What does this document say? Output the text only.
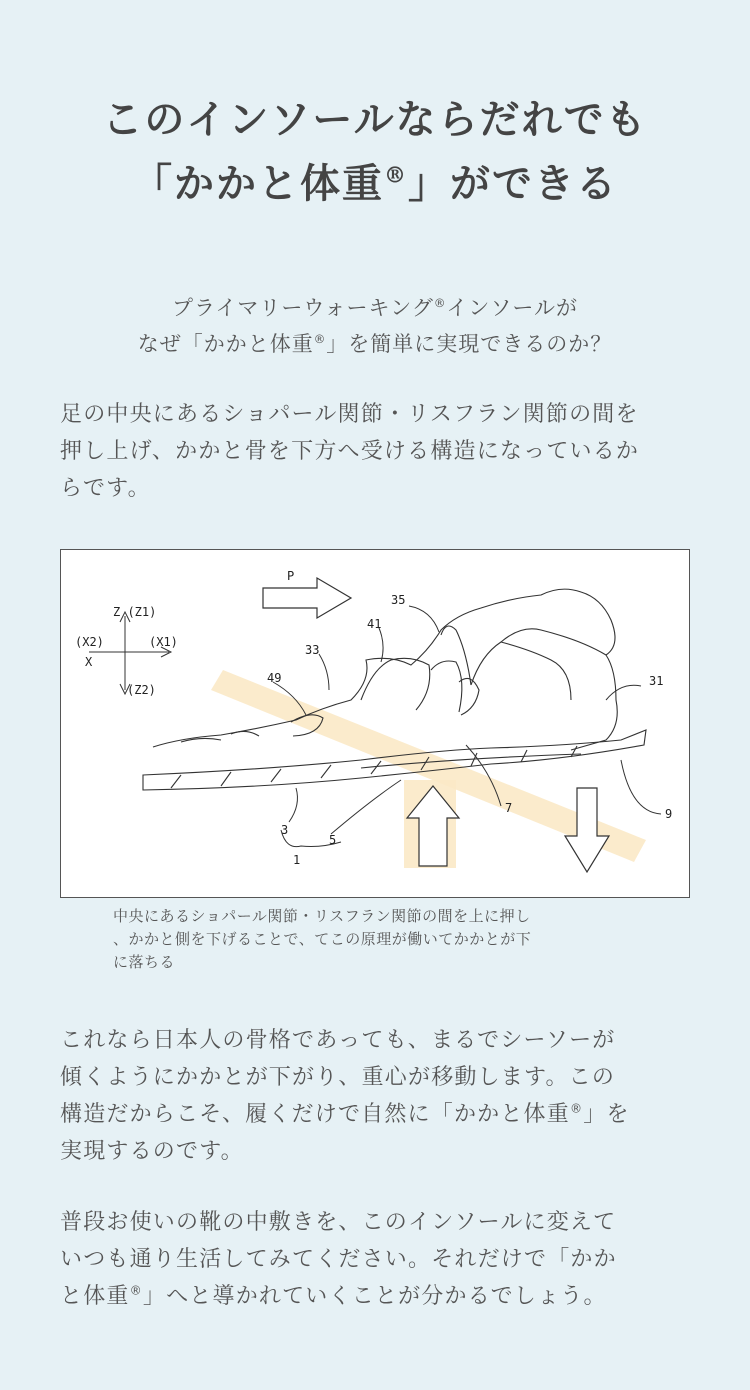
このインソールならだれでも
「かかと体重®」ができる
プライマリーウォーキング®インソールが
なぜ「かかと体重®」を簡単に実現できるのか？
足の中央にあるショパール関節・リスフラン関節の間を
押し上げ、かかと骨を下方へ受ける構造になっているか
らです。
Z (Z1)
(X2)	(X1)
X
(Z2)
P
35
41
33
49	31
7	9
3
5
1
中央にあるショパール関節・リスフラン関節の間を上に押し
、かかと側を下げることで、てこの原理が働いてかかとが下
に落ちる
これなら日本人の骨格であっても、まるでシーソーが
傾くようにかかとが下がり、重心が移動します。この
構造だからこそ、履くだけで自然に「かかと体重®」を
実現するのです。
普段お使いの靴の中敷きを、このインソールに変えて
いつも通り生活してみてください。それだけで「かか
と体重®」へと導かれていくことが分かるでしょう。
